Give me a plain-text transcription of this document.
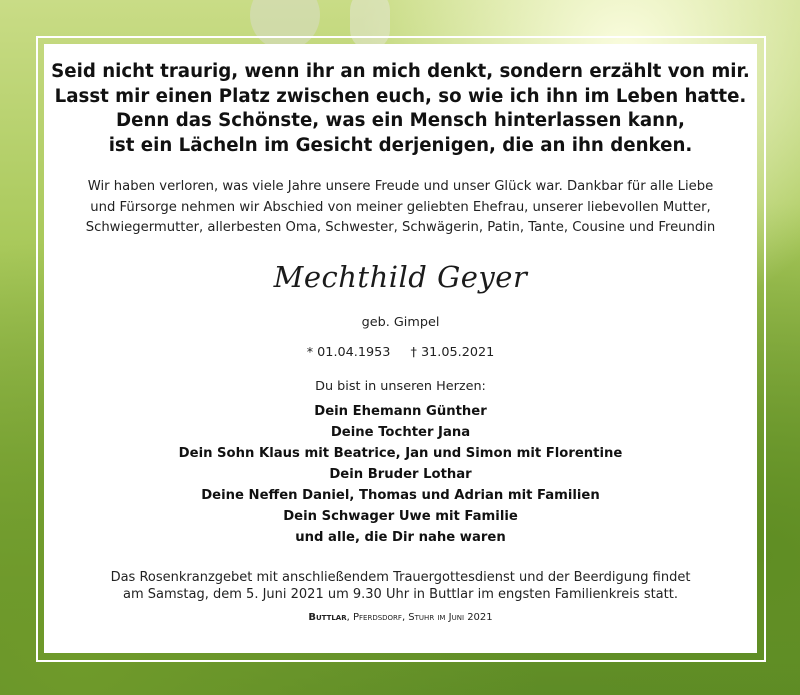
Seid nicht traurig, wenn ihr an mich denkt, sondern erzählt von mir.
Lasst mir einen Platz zwischen euch, so wie ich ihn im Leben hatte.
Denn das Schönste, was ein Mensch hinterlassen kann,
ist ein Lächeln im Gesicht derjenigen, die an ihn denken.
Wir haben verloren, was viele Jahre unsere Freude und unser Glück war. Dankbar für alle Liebe
und Fürsorge nehmen wir Abschied von meiner geliebten Ehefrau, unserer liebevollen Mutter,
Schwiegermutter, allerbesten Oma, Schwester, Schwägerin, Patin, Tante, Cousine und Freundin
Mechthild Geyer
geb. Gimpel
* 01.04.1953 † 31.05.2021
Du bist in unseren Herzen:
Dein Ehemann Günther
Deine Tochter Jana
Dein Sohn Klaus mit Beatrice, Jan und Simon mit Florentine
Dein Bruder Lothar
Deine Neffen Daniel, Thomas und Adrian mit Familien
Dein Schwager Uwe mit Familie
und alle, die Dir nahe waren
Das Rosenkranzgebet mit anschließendem Trauergottesdienst und der Beerdigung findet
am Samstag, dem 5. Juni 2021 um 9.30 Uhr in Buttlar im engsten Familienkreis statt.
Buttlar, Pferdsdorf, Stuhr im Juni 2021
